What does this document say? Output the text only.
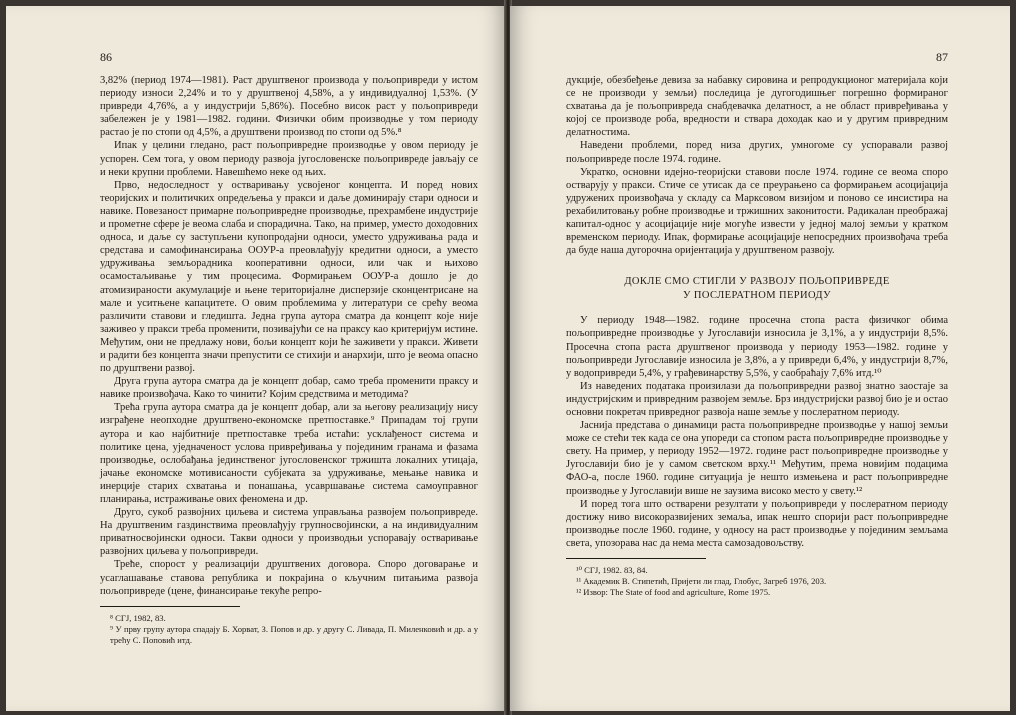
86

3,82% (период 1974—1981). Раст друштвеног производа у пољопривреди у истом периоду износи 2,24% и то у друштвеној 4,58%, а у индивидуалној 1,53%. (У привреди 4,76%, а у индустрији 5,86%). Посебно висок раст у пољопривреди забележен је у 1981—1982. години. Физички обим производње у том периоду растао је по стопи од 4,5%, а друштвени производ по стопи од 5%.⁸

Ипак у целини гледано, раст пољопривредне производње у овом периоду је успорен. Сем тога, у овом периоду развоја југословенске пољопривреде јављају се и неки крупни проблеми. Навешћемо неке од њих.

Прво, недоследност у остваривању усвојеног концепта. И поред нових теоријских и политичких опредељења у пракси и даље доминирају стари односи и навике. Повезаност примарне пољопривредне производње, прехрамбене индустрије и прометне сфере је веома слаба и спорадична. Тако, на пример, уместо доходовних односа, и даље су заступљени купопродајни односи, уместо удруживања рада и средстава и самофинансирања ООУР-а преовлађују кредитни односи, а уместо удруживања земљорадника кооперативни односи, или чак и њихово осамостаљивање у тим процесима. Формирањем ООУР-а дошло је до атомизираности акумулације и њене територијалне дисперзије сконцентрисане на мале и уситњене капацитете. О овим проблемима у литератури се срећу веома различити ставови и гледишта. Једна група аутора сматра да концепт које није заживео у пракси треба променити, позивајући се на праксу као критеријум истине. Међутим, они не предлажу нови, бољи концепт који ће заживети у пракси. Живети и радити без концепта значи препустити се стихији и анархији, што је веома опасно по друштвени развој.

Друга група аутора сматра да је концепт добар, само треба променити праксу и навике произвођача. Како то чинити? Којим средствима и методима?

Трећа група аутора сматра да је концепт добар, али за његову реализацију нису изграђене неопходне друштвено-економске претпоставке.⁹ Припадам тој групи аутора и као најбитније претпоставке треба истаћи: усклађеност система и политике цена, уједначеност услова привређивања у појединим гранама и фазама производње, ослобађања јединственог југословенског тржишта локалних утицаја, јачање економске мотивисаности субјеката за удруживање, мењање навика и инерције старих схватања и понашања, усавршавање система самоуправног планирања, истраживање ових феномена и др.

Друго, сукоб развојних циљева и система управљања развојем пољопривреде. На друштвеним газдинствима преовлађују групносвојински, а на индивидуалним приватносвојински односи. Такви односи у производњи успоравају остваривање развојних циљева у пољопривреди.

Треће, спорост у реализацији друштвених договора. Споро договарање и усаглашавање ставова република и покрајина о кључним питањима развоја пољопривреде (цене, финансирање текуће репро-

⁸ СГЈ, 1982, 83.

⁹ У прву групу аутора спадају Б. Хорват, З. Попов и др. у другу С. Ливада, П. Миленковић и др. а у трећу С. Поповић итд.

87

дукције, обезбеђење девиза за набавку сировина и репродукционог материјала који се не производи у земљи) последица је дугогодишњег погрешно формираног схватања да је пољопривреда снабдевачка делатност, а не област привређивања у којој се производе роба, вредности и ствара доходак као и у другим привредним делатностима.

Наведени проблеми, поред низа других, умногоме су успоравали развој пољопривреде после 1974. године.

Укратко, основни идејно-теоријски ставови после 1974. године се веома споро остварују у пракси. Стиче се утисак да се преурањено са формирањем асоцијација удружених произвођача у складу са Марксовом визијом и поново се инсистира на рехабилитовању робне производње и тржишних законитости. Радикалан преображај капитал-однос у асоцијације није могуће извести у једној малој земљи у кратком временском периоду. Ипак, формирање асоцијације непосредних произвођача треба да буде наша дугорочна оријентација у друштвеном развоју.

ДОКЛЕ СМО СТИГЛИ У РАЗВОЈУ ПОЉОПРИВРЕДЕ
У ПОСЛЕРАТНОМ ПЕРИОДУ

У периоду 1948—1982. године просечна стопа раста физичког обима пољопривредне производње у Југославији износила је 3,1%, а у индустрији 8,5%. Просечна стопа раста друштвеног производа у периоду 1953—1982. године у пољопривреди Југославије износила је 3,8%, а у привреди 6,4%, у индустрији 8,7%, у водопривреди 5,4%, у грађевинарству 5,5%, у саобраћају 7,6% итд.¹⁰

Из наведених података произилази да пољопривредни развој знатно заостаје за индустријским и привредним развојем земље. Брз индустријски развој био је и остао основни покретач привредног развоја наше земље у послератном периоду.

Јаснија представа о динамици раста пољопривредне производње у нашој земљи може се стећи тек када се она упореди са стопом раста пољопривредне производње у свету. На пример, у периоду 1952—1972. године раст пољопривредне производње у Југославији био је у самом светском врху.¹¹ Међутим, према новијим подацима ФАО-а, после 1960. године ситуација је нешто измењена и раст пољопривредне производње у Југославији више не заузима високо место у свету.¹²

И поред тога што остварени резултати у пољопривреди у послератном периоду достижу ниво високоразвијених земаља, ипак нешто спорији раст пољопривредне производње после 1960. године, у односу на раст производње у појединим земљама света, упозорава нас да нема места самозадовољству.

¹⁰ СГЈ, 1982. 83, 84.

¹¹ Академик В. Стипетић, Пријети ли глад, Глобус, Загреб 1976, 203.

¹² Извор: The State of food and agriculture, Rome 1975.
